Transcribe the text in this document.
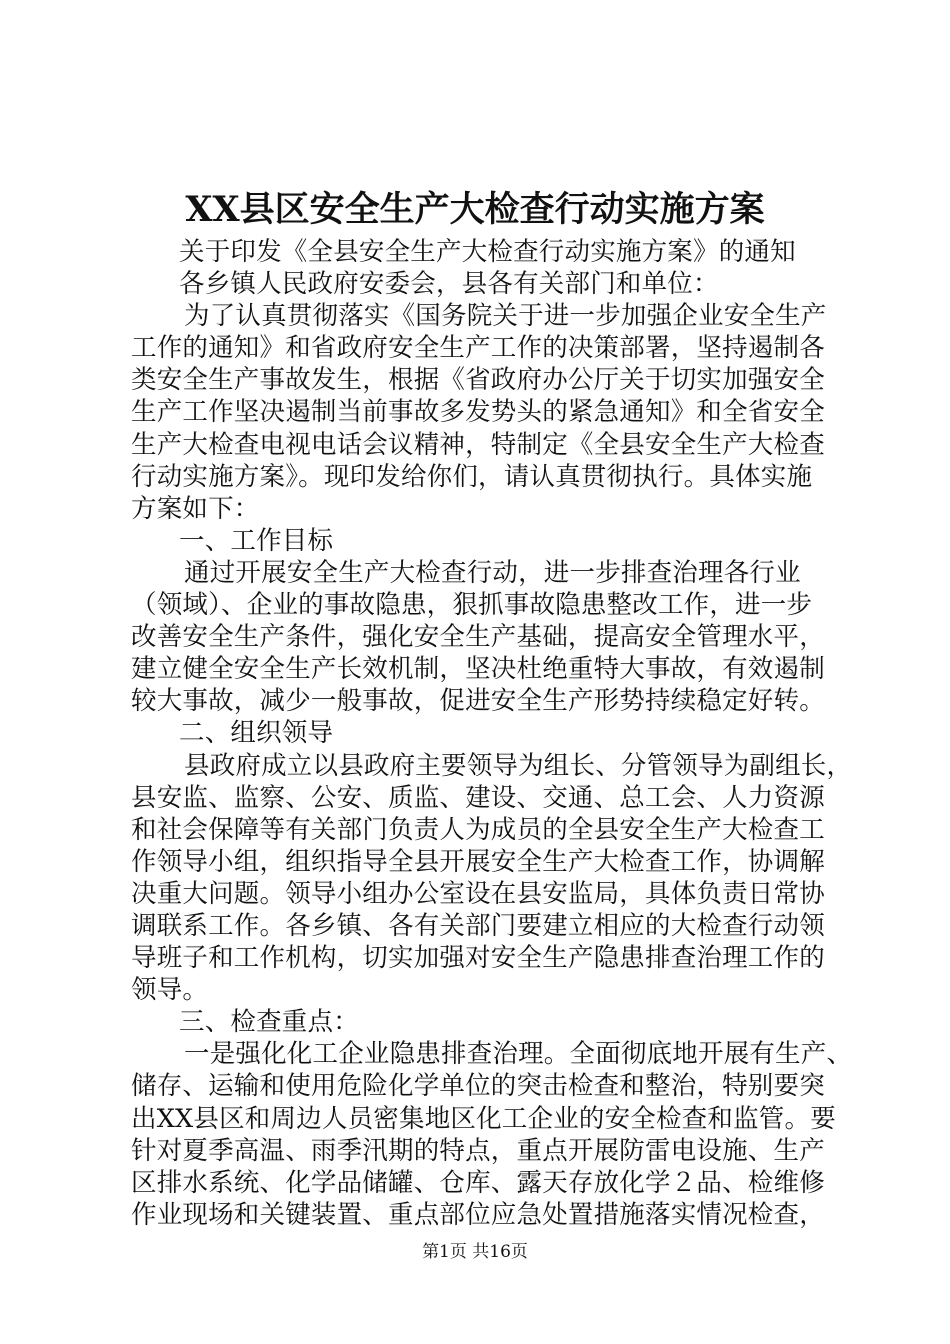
XX县区安全生产大检查行动实施方案
关于印发《全县安全生产大检查行动实施方案》的通知
各乡镇人民政府安委会，县各有关部门和单位：
为了认真贯彻落实《国务院关于进一步加强企业安全生产
工作的通知》和省政府安全生产工作的决策部署，坚持遏制各
类安全生产事故发生，根据《省政府办公厅关于切实加强安全
生产工作坚决遏制当前事故多发势头的紧急通知》和全省安全
生产大检查电视电话会议精神，特制定《全县安全生产大检查
行动实施方案》。现印发给你们，请认真贯彻执行。具体实施
方案如下：
一、工作目标
通过开展安全生产大检查行动，进一步排查治理各行业
（领域）、企业的事故隐患，狠抓事故隐患整改工作，进一步
改善安全生产条件，强化安全生产基础，提高安全管理水平，
建立健全安全生产长效机制，坚决杜绝重特大事故，有效遏制
较大事故，减少一般事故，促进安全生产形势持续稳定好转。
二、组织领导
县政府成立以县政府主要领导为组长、分管领导为副组长，
县安监、监察、公安、质监、建设、交通、总工会、人力资源
和社会保障等有关部门负责人为成员的全县安全生产大检查工
作领导小组，组织指导全县开展安全生产大检查工作，协调解
决重大问题。领导小组办公室设在县安监局，具体负责日常协
调联系工作。各乡镇、各有关部门要建立相应的大检查行动领
导班子和工作机构，切实加强对安全生产隐患排查治理工作的
领导。
三、检查重点：
一是强化化工企业隐患排查治理。全面彻底地开展有生产、
储存、运输和使用危险化学单位的突击检查和整治，特别要突
出XX县区和周边人员密集地区化工企业的安全检查和监管。要
针对夏季高温、雨季汛期的特点，重点开展防雷电设施、生产
区排水系统、化学品储罐、仓库、露天存放化学２品、检维修
作业现场和关键装置、重点部位应急处置措施落实情况检查，
第1页 共16页
